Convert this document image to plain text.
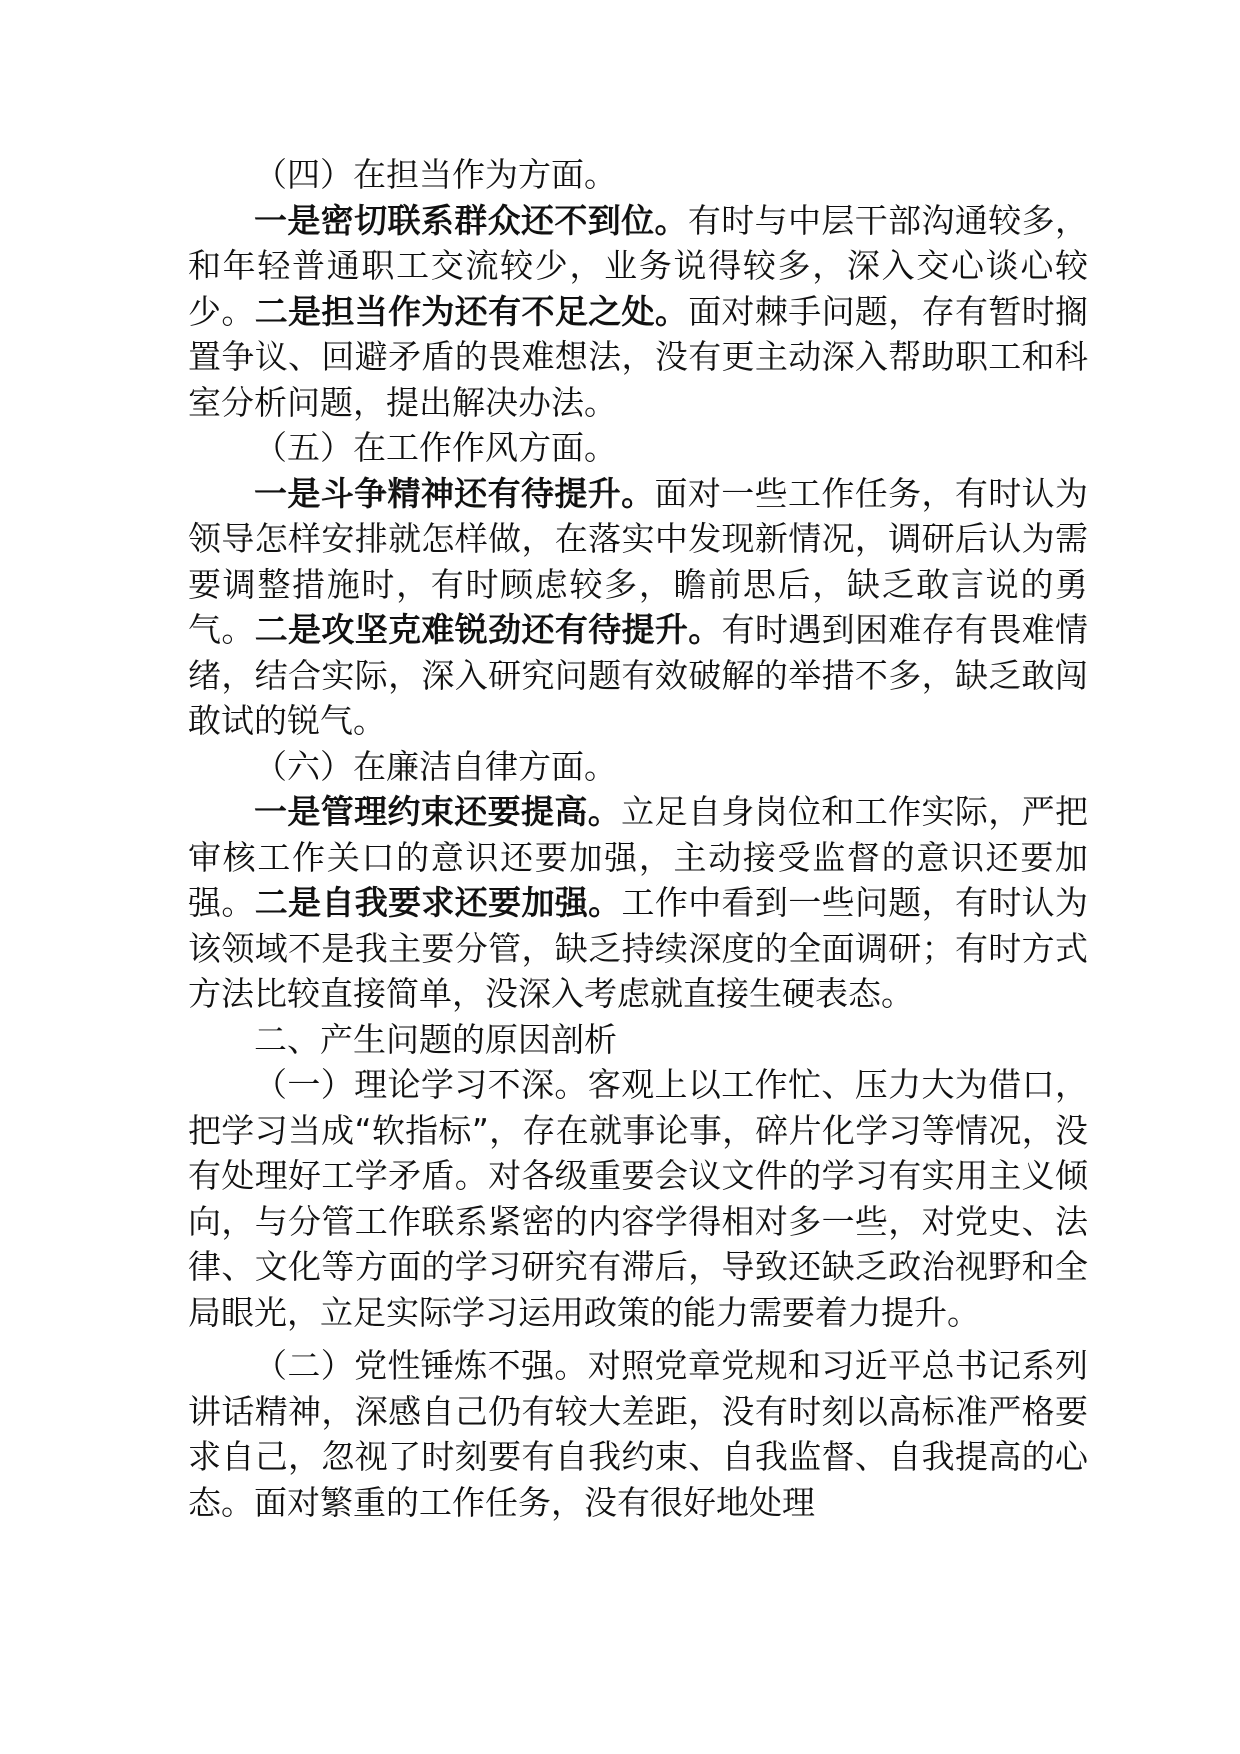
（四）在担当作为方面。

一是密切联系群众还不到位。有时与中层干部沟通较多，和年轻普通职工交流较少，业务说得较多，深入交心谈心较少。二是担当作为还有不足之处。面对棘手问题，存有暂时搁置争议、回避矛盾的畏难想法，没有更主动深入帮助职工和科室分析问题，提出解决办法。

（五）在工作作风方面。

一是斗争精神还有待提升。面对一些工作任务，有时认为领导怎样安排就怎样做，在落实中发现新情况，调研后认为需要调整措施时，有时顾虑较多，瞻前思后，缺乏敢言说的勇气。二是攻坚克难锐劲还有待提升。有时遇到困难存有畏难情绪，结合实际，深入研究问题有效破解的举措不多，缺乏敢闯敢试的锐气。

（六）在廉洁自律方面。

一是管理约束还要提高。立足自身岗位和工作实际，严把审核工作关口的意识还要加强，主动接受监督的意识还要加强。二是自我要求还要加强。工作中看到一些问题，有时认为该领域不是我主要分管，缺乏持续深度的全面调研；有时方式方法比较直接简单，没深入考虑就直接生硬表态。

二、产生问题的原因剖析

（一）理论学习不深。客观上以工作忙、压力大为借口，把学习当成“软指标”，存在就事论事，碎片化学习等情况，没有处理好工学矛盾。对各级重要会议文件的学习有实用主义倾向，与分管工作联系紧密的内容学得相对多一些，对党史、法律、文化等方面的学习研究有滞后，导致还缺乏政治视野和全局眼光，立足实际学习运用政策的能力需要着力提升。

（二）党性锤炼不强。对照党章党规和习近平总书记系列讲话精神，深感自己仍有较大差距，没有时刻以高标准严格要求自己，忽视了时刻要有自我约束、自我监督、自我提高的心态。面对繁重的工作任务，没有很好地处理
